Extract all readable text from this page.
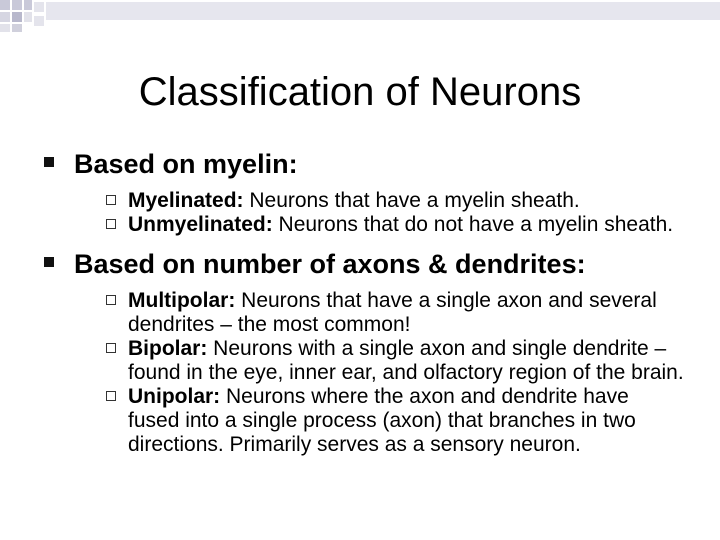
Classification of Neurons
Based on myelin:
Myelinated: Neurons that have a myelin sheath.
Unmyelinated: Neurons that do not have a myelin sheath.
Based on number of axons & dendrites:
Multipolar: Neurons that have a single axon and several dendrites – the most common!
Bipolar: Neurons with a single axon and single dendrite – found in the eye, inner ear, and olfactory region of the brain.
Unipolar: Neurons where the axon and dendrite have fused into a single process (axon) that branches in two directions. Primarily serves as a sensory neuron.
